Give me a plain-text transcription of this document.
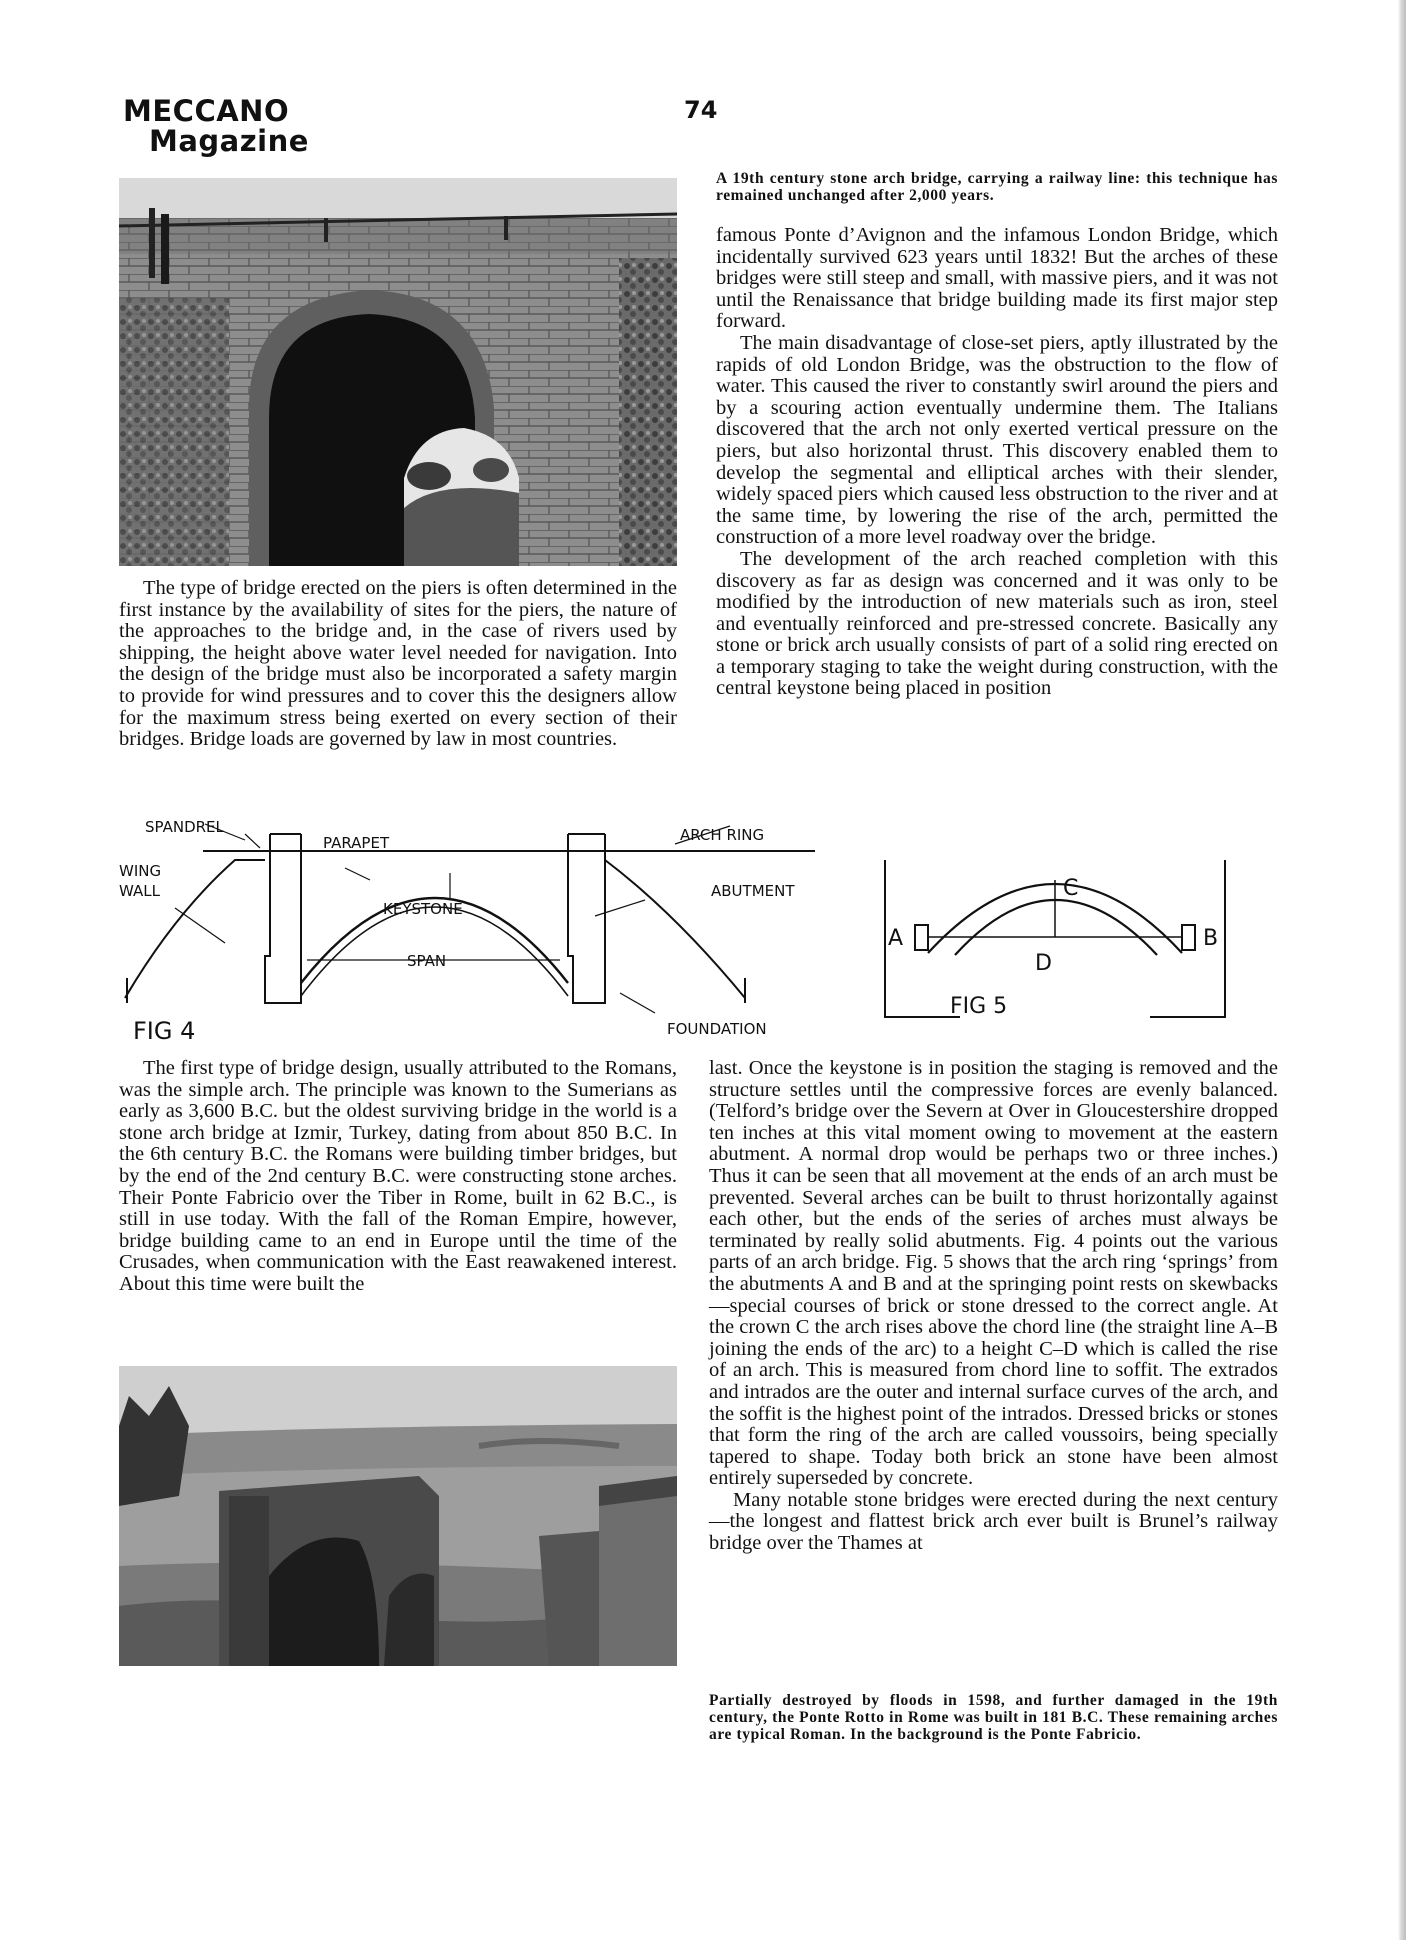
MECCANO
Magazine
74
A 19th century stone arch bridge, carrying a railway line: this technique has remained unchanged after 2,000 years.

The type of bridge erected on the piers is often determined in the first instance by the availability of sites for the piers, the nature of the approaches to the bridge and, in the case of rivers used by shipping, the height above water level needed for navigation. Into the design of the bridge must also be incorporated a safety margin to provide for wind pressures and to cover this the designers allow for the maximum stress being exerted on every section of their bridges. Bridge loads are governed by law in most countries.

famous Ponte d’Avignon and the infamous London Bridge, which incidentally survived 623 years until 1832! But the arches of these bridges were still steep and small, with massive piers, and it was not until the Renaissance that bridge building made its first major step forward.

The main disadvantage of close-set piers, aptly illustrated by the rapids of old London Bridge, was the obstruction to the flow of water. This caused the river to constantly swirl around the piers and by a scouring action eventually undermine them. The Italians discovered that the arch not only exerted vertical pressure on the piers, but also horizontal thrust. This discovery enabled them to develop the segmental and elliptical arches with their slender, widely spaced piers which caused less obstruction to the river and at the same time, by lowering the rise of the arch, permitted the construction of a more level roadway over the bridge.

The development of the arch reached completion with this discovery as far as design was concerned and it was only to be modified by the introduction of new materials such as iron, steel and eventually reinforced and pre-stressed concrete. Basically any stone or brick arch usually consists of part of a solid ring erected on a temporary staging to take the weight during construction, with the central keystone being placed in position

SPANDREL
PARAPET	ARCH RING
WING
WALL
KEYSTONE
ABUTMENT
SPAN
FOUNDATION
FIG 4
A	B
C
D
FIG 5

The first type of bridge design, usually attributed to the Romans, was the simple arch. The principle was known to the Sumerians as early as 3,600 B.C. but the oldest surviving bridge in the world is a stone arch bridge at Izmir, Turkey, dating from about 850 B.C. In the 6th century B.C. the Romans were building timber bridges, but by the end of the 2nd century B.C. were constructing stone arches. Their Ponte Fabricio over the Tiber in Rome, built in 62 B.C., is still in use today. With the fall of the Roman Empire, however, bridge building came to an end in Europe until the time of the Crusades, when communication with the East reawakened interest. About this time were built the

last. Once the keystone is in position the staging is removed and the structure settles until the compressive forces are evenly balanced. (Telford’s bridge over the Severn at Over in Gloucestershire dropped ten inches at this vital moment owing to movement at the eastern abutment. A normal drop would be perhaps two or three inches.) Thus it can be seen that all movement at the ends of an arch must be prevented. Several arches can be built to thrust horizontally against each other, but the ends of the series of arches must always be terminated by really solid abutments. Fig. 4 points out the various parts of an arch bridge. Fig. 5 shows that the arch ring ‘springs’ from the abutments A and B and at the springing point rests on skewbacks—special courses of brick or stone dressed to the correct angle. At the crown C the arch rises above the chord line (the straight line A–B joining the ends of the arc) to a height C–D which is called the rise of an arch. This is measured from chord line to soffit. The extrados and intrados are the outer and internal surface curves of the arch, and the soffit is the highest point of the intrados. Dressed bricks or stones that form the ring of the arch are called voussoirs, being specially tapered to shape. Today both brick an stone have been almost entirely superseded by concrete.

Many notable stone bridges were erected during the next century—the longest and flattest brick arch ever built is Brunel’s railway bridge over the Thames at

Partially destroyed by floods in 1598, and further damaged in the 19th century, the Ponte Rotto in Rome was built in 181 B.C. These remaining arches are typical Roman. In the background is the Ponte Fabricio.
